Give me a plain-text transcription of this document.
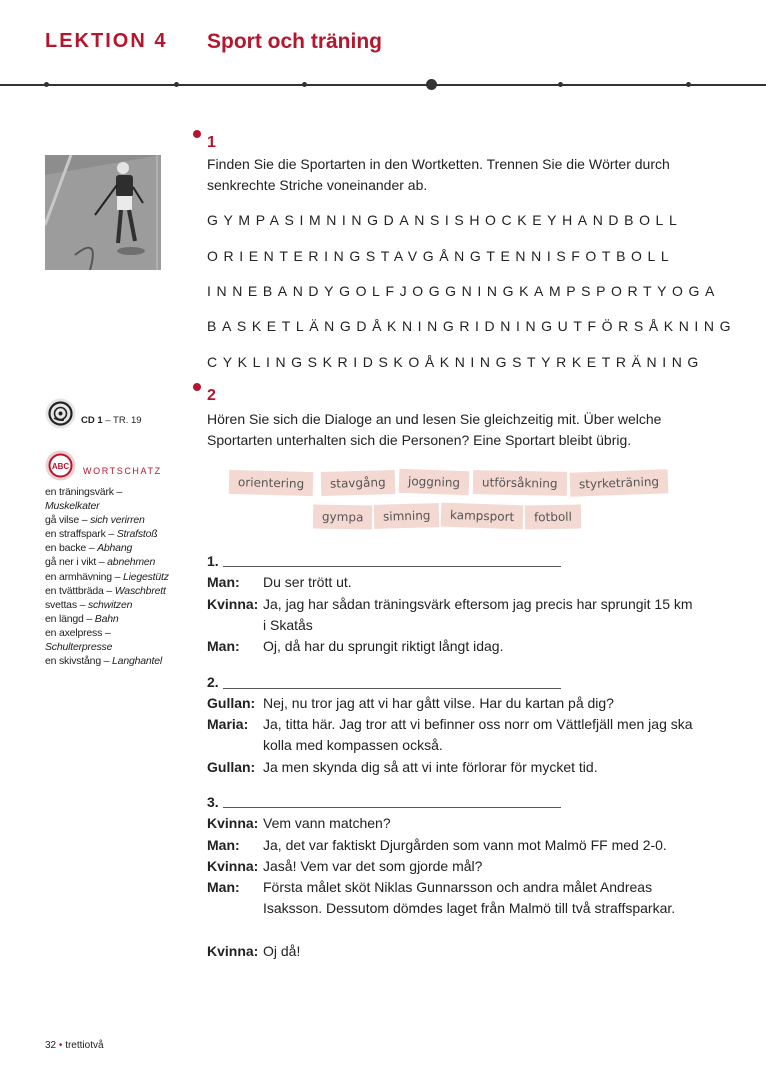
LEKTION 4 Sport och träning
1
Finden Sie die Sportarten in den Wortketten. Trennen Sie die Wörter durch senkrechte Striche voneinander ab.
GYMPASIMNINGDANSISHOCKEYHANDBOLL
ORIENTERINGSTAVGÅNGTENNISFOTBOLL
INNEBANDYGOLFJOGGNINGKAMPSPORTYOGA
BASKETLÄNGDÅKNINGRIDNINGUTFÖRSÅKNING
CYKLINGSKRIDSKOÅKNINGSTYRKETRÄNING
CD 1 – TR. 19
ABC WORTSCHATZ
en träningsvärk – Muskelkater
gå vilse – sich verirren
en straffspark – Strafstoß
en backe – Abhang
gå ner i vikt – abnehmen
en armhävning – Liegestütz
en tvättbräda – Waschbrett
svettas – schwitzen
en längd – Bahn
en axelpress – Schulterpresse
en skivstång – Langhantel
2
Hören Sie sich die Dialoge an und lesen Sie gleichzeitig mit. Über welche Sportarten unterhalten sich die Personen? Eine Sportart bleibt übrig.
orientering	stavgång	joggning	utförsåkning	styrketräning
gympa	simning	kampsport	fotboll
1.
Man: Du ser trött ut.
Kvinna: Ja, jag har sådan träningsvärk eftersom jag precis har sprungit 15 km i Skatås
Man: Oj, då har du sprungit riktigt långt idag.
2.
Gullan: Nej, nu tror jag att vi har gått vilse. Har du kartan på dig?
Maria: Ja, titta här. Jag tror att vi befinner oss norr om Vättlefjäll men jag ska kolla med kompassen också.
Gullan: Ja men skynda dig så att vi inte förlorar för mycket tid.
3.
Kvinna: Vem vann matchen?
Man: Ja, det var faktiskt Djurgården som vann mot Malmö FF med 2-0.
Kvinna: Jaså! Vem var det som gjorde mål?
Man: Första målet sköt Niklas Gunnarsson och andra målet Andreas Isaksson. Dessutom dömdes laget från Malmö till två straffsparkar.
Kvinna: Oj då!
32 • trettiotvå
